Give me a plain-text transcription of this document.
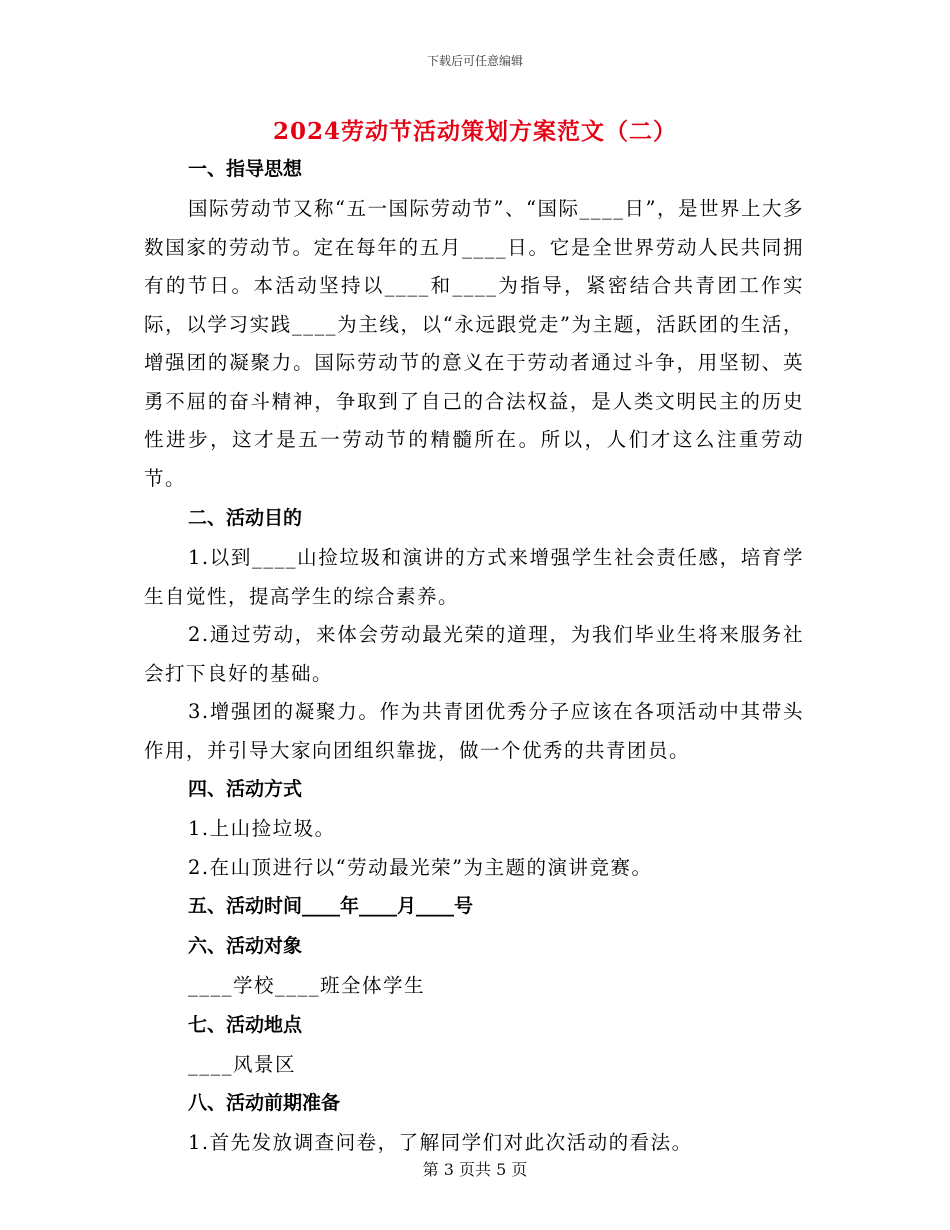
下载后可任意编辑
2024劳动节活动策划方案范文（二）
一、指导思想
国际劳动节又称“五一国际劳动节”、“国际____日”，是世界上大多数国家的劳动节。定在每年的五月____日。它是全世界劳动人民共同拥有的节日。本活动坚持以____和____为指导，紧密结合共青团工作实际，以学习实践____为主线，以“永远跟党走”为主题，活跃团的生活，增强团的凝聚力。国际劳动节的意义在于劳动者通过斗争，用坚韧、英勇不屈的奋斗精神，争取到了自己的合法权益，是人类文明民主的历史性进步，这才是五一劳动节的精髓所在。所以，人们才这么注重劳动节。
二、活动目的
1.以到____山捡垃圾和演讲的方式来增强学生社会责任感，培育学生自觉性，提高学生的综合素养。
2.通过劳动，来体会劳动最光荣的道理，为我们毕业生将来服务社会打下良好的基础。
3.增强团的凝聚力。作为共青团优秀分子应该在各项活动中其带头作用，并引导大家向团组织靠拢，做一个优秀的共青团员。
四、活动方式
1.上山捡垃圾。
2.在山顶进行以“劳动最光荣”为主题的演讲竞赛。
五、活动时间____年____月____号
六、活动对象
____学校____班全体学生
七、活动地点
____风景区
八、活动前期准备
1.首先发放调查问卷，了解同学们对此次活动的看法。
第 3 页共 5 页
